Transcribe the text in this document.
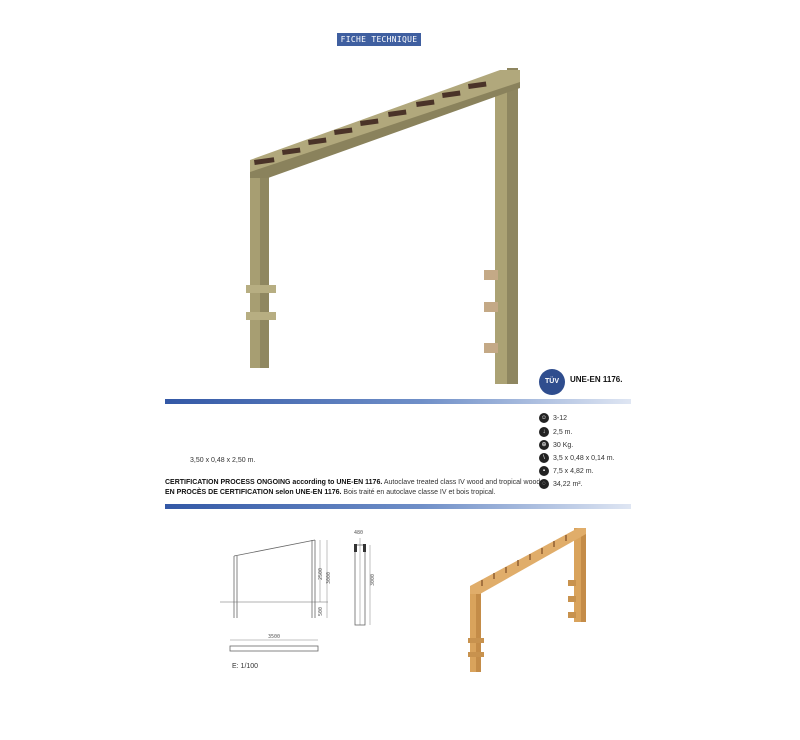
FICHE TECHNIQUE
TÜV	UNE-EN 1176.
☺ 3-12
↓	2,5 m.
⊕ 30 Kg.
\	3,5 x 0,48 x 0,14 m.
▪	7,5 x 4,82 m.
◌	34,22 m².
3,50 x 0,48 x 2,50 m.
CERTIFICATION PROCESS ONGOING according to UNE-EN 1176. Autoclave treated class IV wood and tropical wood.
EN PROCÈS DE CERTIFICATION selon UNE-EN 1176. Bois traité en autoclave classe IV et bois tropical.
3500
480
2500 3000	3000
500
E: 1/100
